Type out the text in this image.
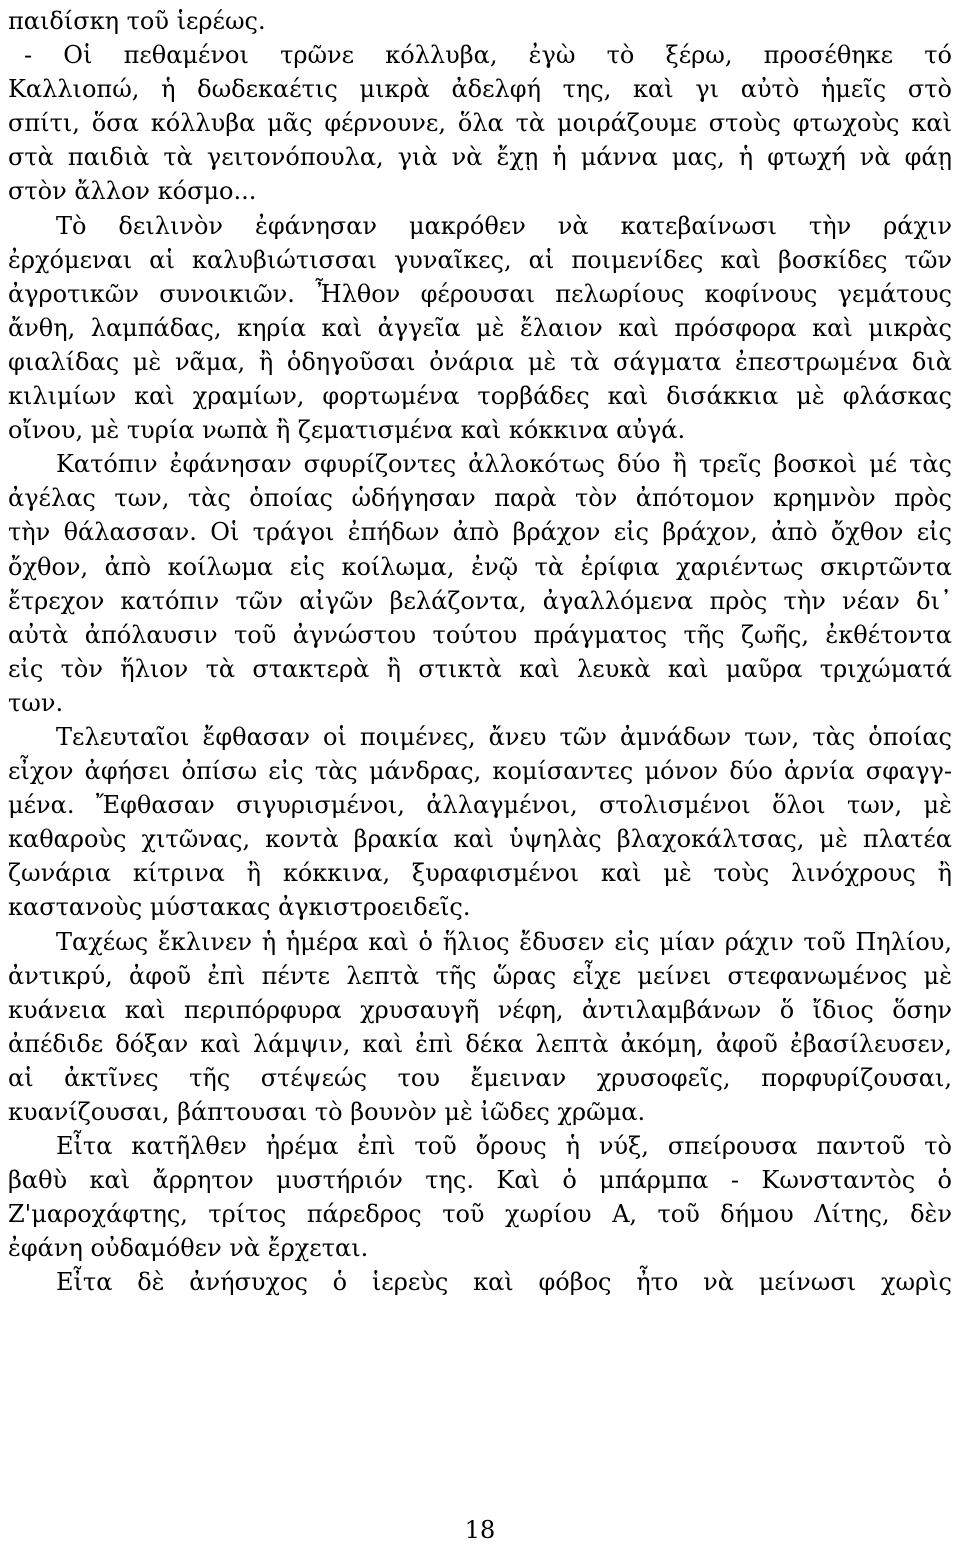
παιδίσκη τοῦ ἱερέως.
- Οἱ πεθαμένοι τρῶνε κόλλυβα, ἐγὼ τὸ ξέρω, προσέθηκε τό
Καλλιοπώ, ἡ δωδεκαέτις μικρὰ ἀδελφή της, καὶ γι αὐτὸ ἡμεῖς στὸ
σπίτι, ὅσα κόλλυβα μᾶς φέρνουνε, ὅλα τὰ μοιράζουμε στοὺς φτωχοὺς καὶ
στὰ παιδιὰ τὰ γειτονόπουλα, γιὰ νὰ ἔχῃ ἡ μάννα μας, ἡ φτωχή νὰ φάῃ
στὸν ἄλλον κόσμο...
Τὸ δειλινὸν ἐφάνησαν μακρόθεν νὰ κατεβαίνωσι τὴν ράχιν
ἐρχόμεναι αἱ καλυβιώτισσαι γυναῖκες, αἱ ποιμενίδες καὶ βοσκίδες τῶν
ἀγροτικῶν συνοικιῶν. Ἦλθον φέρουσαι πελωρίους κοφίνους γεμάτους
ἄνθη, λαμπάδας, κηρία καὶ ἀγγεῖα μὲ ἔλαιον καὶ πρόσφορα καὶ μικρὰς
φιαλίδας μὲ νᾶμα, ἢ ὁδηγοῦσαι ὀνάρια μὲ τὰ σάγματα ἐπεστρωμένα διὰ
κιλιμίων καὶ χραμίων, φορτωμένα τορβάδες καὶ δισάκκια μὲ φλάσκας
οἴνου, μὲ τυρία νωπὰ ἢ ζεματισμένα καὶ κόκκινα αὐγά.
Κατόπιν ἐφάνησαν σφυρίζοντες ἀλλοκότως δύο ἢ τρεῖς βοσκοὶ μέ τὰς
ἀγέλας των, τὰς ὁποίας ὡδήγησαν παρὰ τὸν ἀπότομον κρημνὸν πρὸς
τὴν θάλασσαν. Οἱ τράγοι ἐπήδων ἀπὸ βράχον εἰς βράχον, ἀπὸ ὄχθον εἰς
ὄχθον, ἀπὸ κοίλωμα εἰς κοίλωμα, ἐνῷ τὰ ἐρίφια χαριέντως σκιρτῶντα
ἔτρεχον κατόπιν τῶν αἰγῶν βελάζοντα, ἀγαλλόμενα πρὸς τὴν νέαν δι᾽
αὐτὰ ἀπόλαυσιν τοῦ ἀγνώστου τούτου πράγματος τῆς ζωῆς, ἐκθέτοντα
εἰς τὸν ἥλιον τὰ στακτερὰ ἢ στικτὰ καὶ λευκὰ καὶ μαῦρα τριχώματά
των.
Τελευταῖοι ἔφθασαν οἱ ποιμένες, ἄνευ τῶν ἀμνάδων των, τὰς ὁποίας
εἶχον ἀφήσει ὀπίσω εἰς τὰς μάνδρας, κομίσαντες μόνον δύο ἀρνία σφαγγ-
μένα. Ἔφθασαν σιγυρισμένοι, ἀλλαγμένοι, στολισμένοι ὅλοι των, μὲ
καθαροὺς χιτῶνας, κοντὰ βρακία καὶ ὑψηλὰς βλαχοκάλτσας, μὲ πλατέα
ζωνάρια κίτρινα ἢ κόκκινα, ξυραφισμένοι καὶ μὲ τοὺς λινόχρους ἢ
καστανοὺς μύστακας ἀγκιστροειδεῖς.
Ταχέως ἔκλινεν ἡ ἡμέρα καὶ ὁ ἥλιος ἔδυσεν εἰς μίαν ράχιν τοῦ Πηλίου,
ἀντικρύ, ἀφοῦ ἐπὶ πέντε λεπτὰ τῆς ὥρας εἶχε μείνει στεφανωμένος μὲ
κυάνεια καὶ περιπόρφυρα χρυσαυγῆ νέφη, ἀντιλαμβάνων ὅ ἴδιος ὅσην
ἀπέδιδε δόξαν καὶ λάμψιν, καὶ ἐπὶ δέκα λεπτὰ ἀκόμη, ἀφοῦ ἐβασίλευσεν,
αἱ ἀκτῖνες τῆς στέψεώς του ἔμειναν χρυσοφεῖς, πορφυρίζουσαι,
κυανίζουσαι, βάπτουσαι τὸ βουνὸν μὲ ἰῶδες χρῶμα.
Εἶτα κατῆλθεν ἠρέμα ἐπὶ τοῦ ὄρους ἡ νύξ, σπείρουσα παντοῦ τὸ
βαθὺ καὶ ἄρρητον μυστήριόν της. Καὶ ὁ μπάρμπα - Κωνσταντὸς ὁ
Ζ'μαροχάφτης, τρίτος πάρεδρος τοῦ χωρίου Α, τοῦ δήμου Λίτης, δὲν
ἐφάνη οὐδαμόθεν νὰ ἔρχεται.
Εἶτα δὲ ἀνήσυχος ὁ ἱερεὺς καὶ φόβος ἦτο νὰ μείνωσι χωρὶς
18
